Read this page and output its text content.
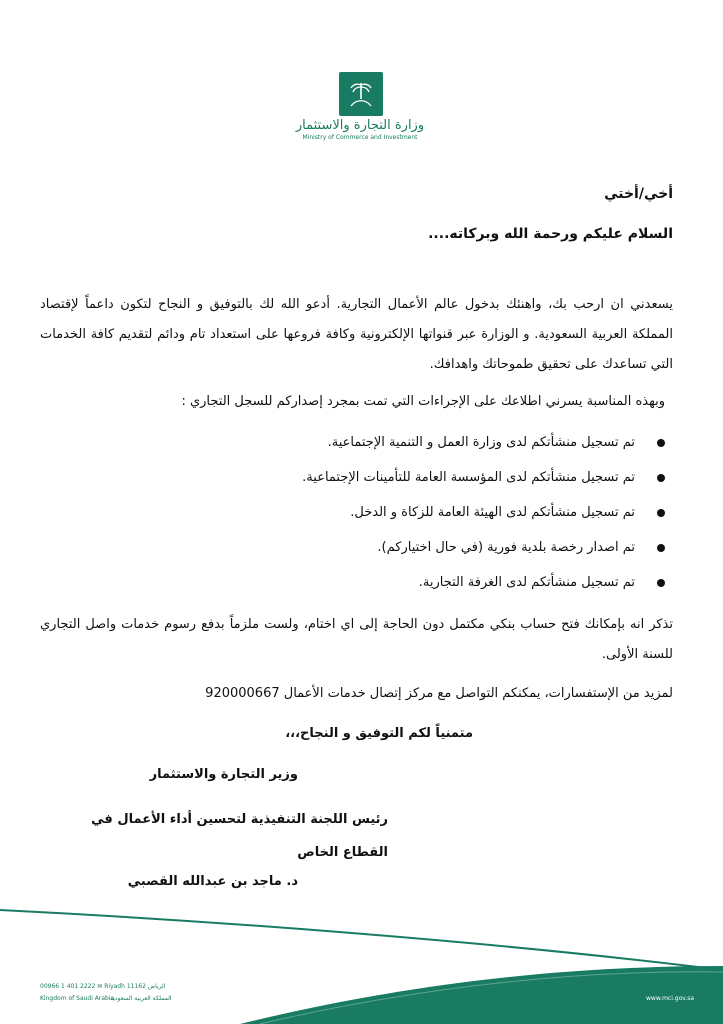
وزارة التجارة والاستثمار
Ministry of Commerce and Investment
أخي/أختي
السلام عليكم ورحمة الله وبركاته....
يسعدني ان ارحب بك، واهنئك بدخول عالم الأعمال التجارية. أدعو الله لك بالتوفيق و النجاح لتكون داعماً لإقتصاد المملكة العربية السعودية. و الوزارة عبر قنواتها الإلكترونية وكافة فروعها على استعداد تام ودائم لتقديم كافة الخدمات التي تساعدك على تحقيق طموحاتك واهدافك.
وبهذه المناسبة يسرني اطلاعك على الإجراءات التي تمت بمجرد إصداركم للسجل التجاري :
تم تسجيل منشأتكم لدى وزارة العمل و التنمية الإجتماعية.
تم تسجيل منشأتكم لدى المؤسسة العامة للتأمينات الإجتماعية.
تم تسجيل منشأتكم لدى الهيئة العامة للزكاة و الدخل.
تم اصدار رخصة بلدية فورية (في حال اختياركم).
تم تسجيل منشأتكم لدى الغرفة التجارية.
تذكر انه بإمكانك فتح حساب بنكي مكتمل دون الحاجة إلى اي اختام، ولست ملزماً بدفع رسوم خدمات واصل التجاري للسنة الأولى.
لمزيد من الإستفسارات، يمكنكم التواصل مع مركز إتصال خدمات الأعمال 920000667
متمنياً لكم التوفيق و النجاح،،،
وزير التجارة والاستثمار
رئيس اللجنة التنفيذية لتحسين أداء الأعمال في القطاع الخاص
د. ماجد بن عبدالله القصبي
00966 1 401 2222 ✉ Riyadh 11162 الرياض
Kingdom of Saudi Arabia
المملكة العربية السعودية	www.mci.gov.sa
